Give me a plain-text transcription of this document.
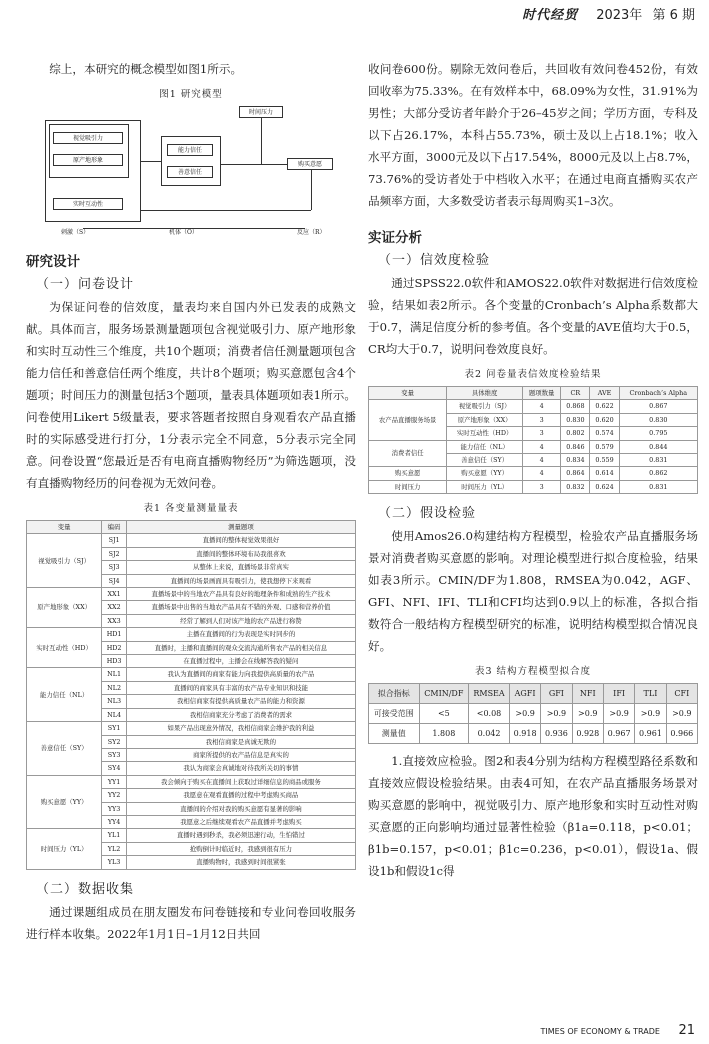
时代经贸 2023年 第 6 期

综上，本研究的概念模型如图1所示。

图1 研究模型
视觉吸引力
原产地形象
实时互动性
能力信任
善意信任
时间压力
购买意愿
刺激（S）	机体（O）	反应（R）
研究设计
（一）问卷设计

为保证问卷的信效度，量表均来自国内外已发表的成熟文献。具体而言，服务场景测量题项包含视觉吸引力、原产地形象和实时互动性三个维度，共10个题项；消费者信任测量题项包含能力信任和善意信任两个维度，共计8个题项；购买意愿包含4个题项；时间压力的测量包括3个题项，量表具体题项如表1所示。问卷使用Likert 5级量表，要求答题者按照自身观看农产品直播时的实际感受进行打分，1分表示完全不同意，5分表示完全同意。问卷设置“您最近是否有电商直播购物经历”为筛选题项，没有直播购物经历的问卷视为无效问卷。

表1 各变量测量量表
变量	编码	测量题项
视觉吸引力（SJ）	SJ1	直播间的整体视觉效果很好
	SJ2	直播间的整体环境布局我很喜欢
	SJ3	从整体上来说，直播场景非常真实
	SJ4	直播间的场景画面具有吸引力，使我想停下来观看
原产地形象（XX）	XX1	直播场景中的当地农产品具有良好的地理条件和成熟的生产技术
	XX2	直播场景中出售的当地农产品具有不错的外观、口感和营养价值
	XX3	经常了解到人们对该产地的农产品进行称赞
实时互动性（HD）	HD1	主播在直播间的行为表现是实时同步的
	HD2	直播时，主播和直播间的观众交流沟通所售农产品的相关信息
	HD3	在直播过程中，主播会在线解答我的疑问
能力信任（NL）	NL1	我认为直播间的商家有能力向我提供高质量的农产品
	NL2	直播间的商家具有丰富的农产品专业知识和技能
	NL3	我相信商家有提供高质量农产品的能力和资源
	NL4	我相信商家充分考虑了消费者的需求
善意信任（SY）	SY1	如果产品出现意外情况，我相信商家会维护我的利益
	SY2	我相信商家是真诚无欺的
	SY3	商家所提供的农产品信息是真实的
	SY4	我认为商家会真诚地对待我所关切的事情
购买意愿（YY）	YY1	我会倾向于购买在直播间上获取过详细信息的商品或服务
	YY2	我愿意在观看直播的过程中考虑购买商品
	YY3	直播间的介绍对我的购买意愿有显著的影响
	YY4	我愿意之后继续观看农产品直播并考虑购买
时间压力（YL）	YL1	直播时遇到秒杀，我必须迅速行动，生怕错过
	YL2	抢购倒计时临近时，我感到很有压力
	YL3	直播购物时，我感到时间很紧张
（二）数据收集

通过课题组成员在朋友圈发布问卷链接和专业问卷回收服务进行样本收集。2022年1月1日–1月12日共回

收问卷600份。剔除无效问卷后，共回收有效问卷452份，有效回收率为75.33%。在有效样本中，68.09%为女性，31.91%为男性；大部分受访者年龄介于26–45岁之间；学历方面，专科及以下占26.17%，本科占55.73%，硕士及以上占18.1%；收入水平方面，3000元及以下占17.54%，8000元及以上占8.7%，73.76%的受访者处于中档收入水平；在通过电商直播购买农产品频率方面，大多数受访者表示每周购买1–3次。

实证分析
（一）信效度检验

通过SPSS22.0软件和AMOS22.0软件对数据进行信效度检验，结果如表2所示。各个变量的Cronbach’s Alpha系数都大于0.7，满足信度分析的参考值。各个变量的AVE值均大于0.5，CR均大于0.7，说明问卷效度良好。

表2 问卷量表信效度检验结果
变量	具体维度	题项数量	CR	AVE	Cronbach’s Alpha
农产品直播服务场景	视觉吸引力（SJ）	4	0.868	0.622	0.867
	原产地形象（XX）	3	0.830	0.620	0.830
	实时互动性（HD）	3	0.802	0.574	0.795
消费者信任	能力信任（NL）	4	0.846	0.579	0.844
	善意信任（SY）	4	0.834	0.559	0.831
购买意愿	购买意愿（YY）	4	0.864	0.614	0.862
时间压力	时间压力（YL）	3	0.832	0.624	0.831
（二）假设检验

使用Amos26.0构建结构方程模型，检验农产品直播服务场景对消费者购买意愿的影响。对理论模型进行拟合度检验，结果如表3所示。CMIN/DF为1.808，RMSEA为0.042，AGF、GFI、NFI、IFI、TLI和CFI均达到0.9以上的标准，各拟合指数符合一般结构方程模型研究的标准，说明结构模型拟合情况良好。

表3 结构方程模型拟合度
拟合指标	CMIN/DF	RMSEA	AGFI	GFI	NFI	IFI	TLI	CFI
可接受范围	<5	<0.08	>0.9	>0.9	>0.9	>0.9	>0.9	>0.9
测量值	1.808	0.042	0.918	0.936	0.928	0.967	0.961	0.966

1.直接效应检验。图2和表4分别为结构方程模型路径系数和直接效应假设检验结果。由表4可知，在农产品直播服务场景对购买意愿的影响中，视觉吸引力、原产地形象和实时互动性对购买意愿的正向影响均通过显著性检验（β1a=0.118，p<0.01；β1b=0.157，p<0.01；β1c=0.236，p<0.01），假设1a、假设1b和假设1c得

TIMES OF ECONOMY & TRADE 21
